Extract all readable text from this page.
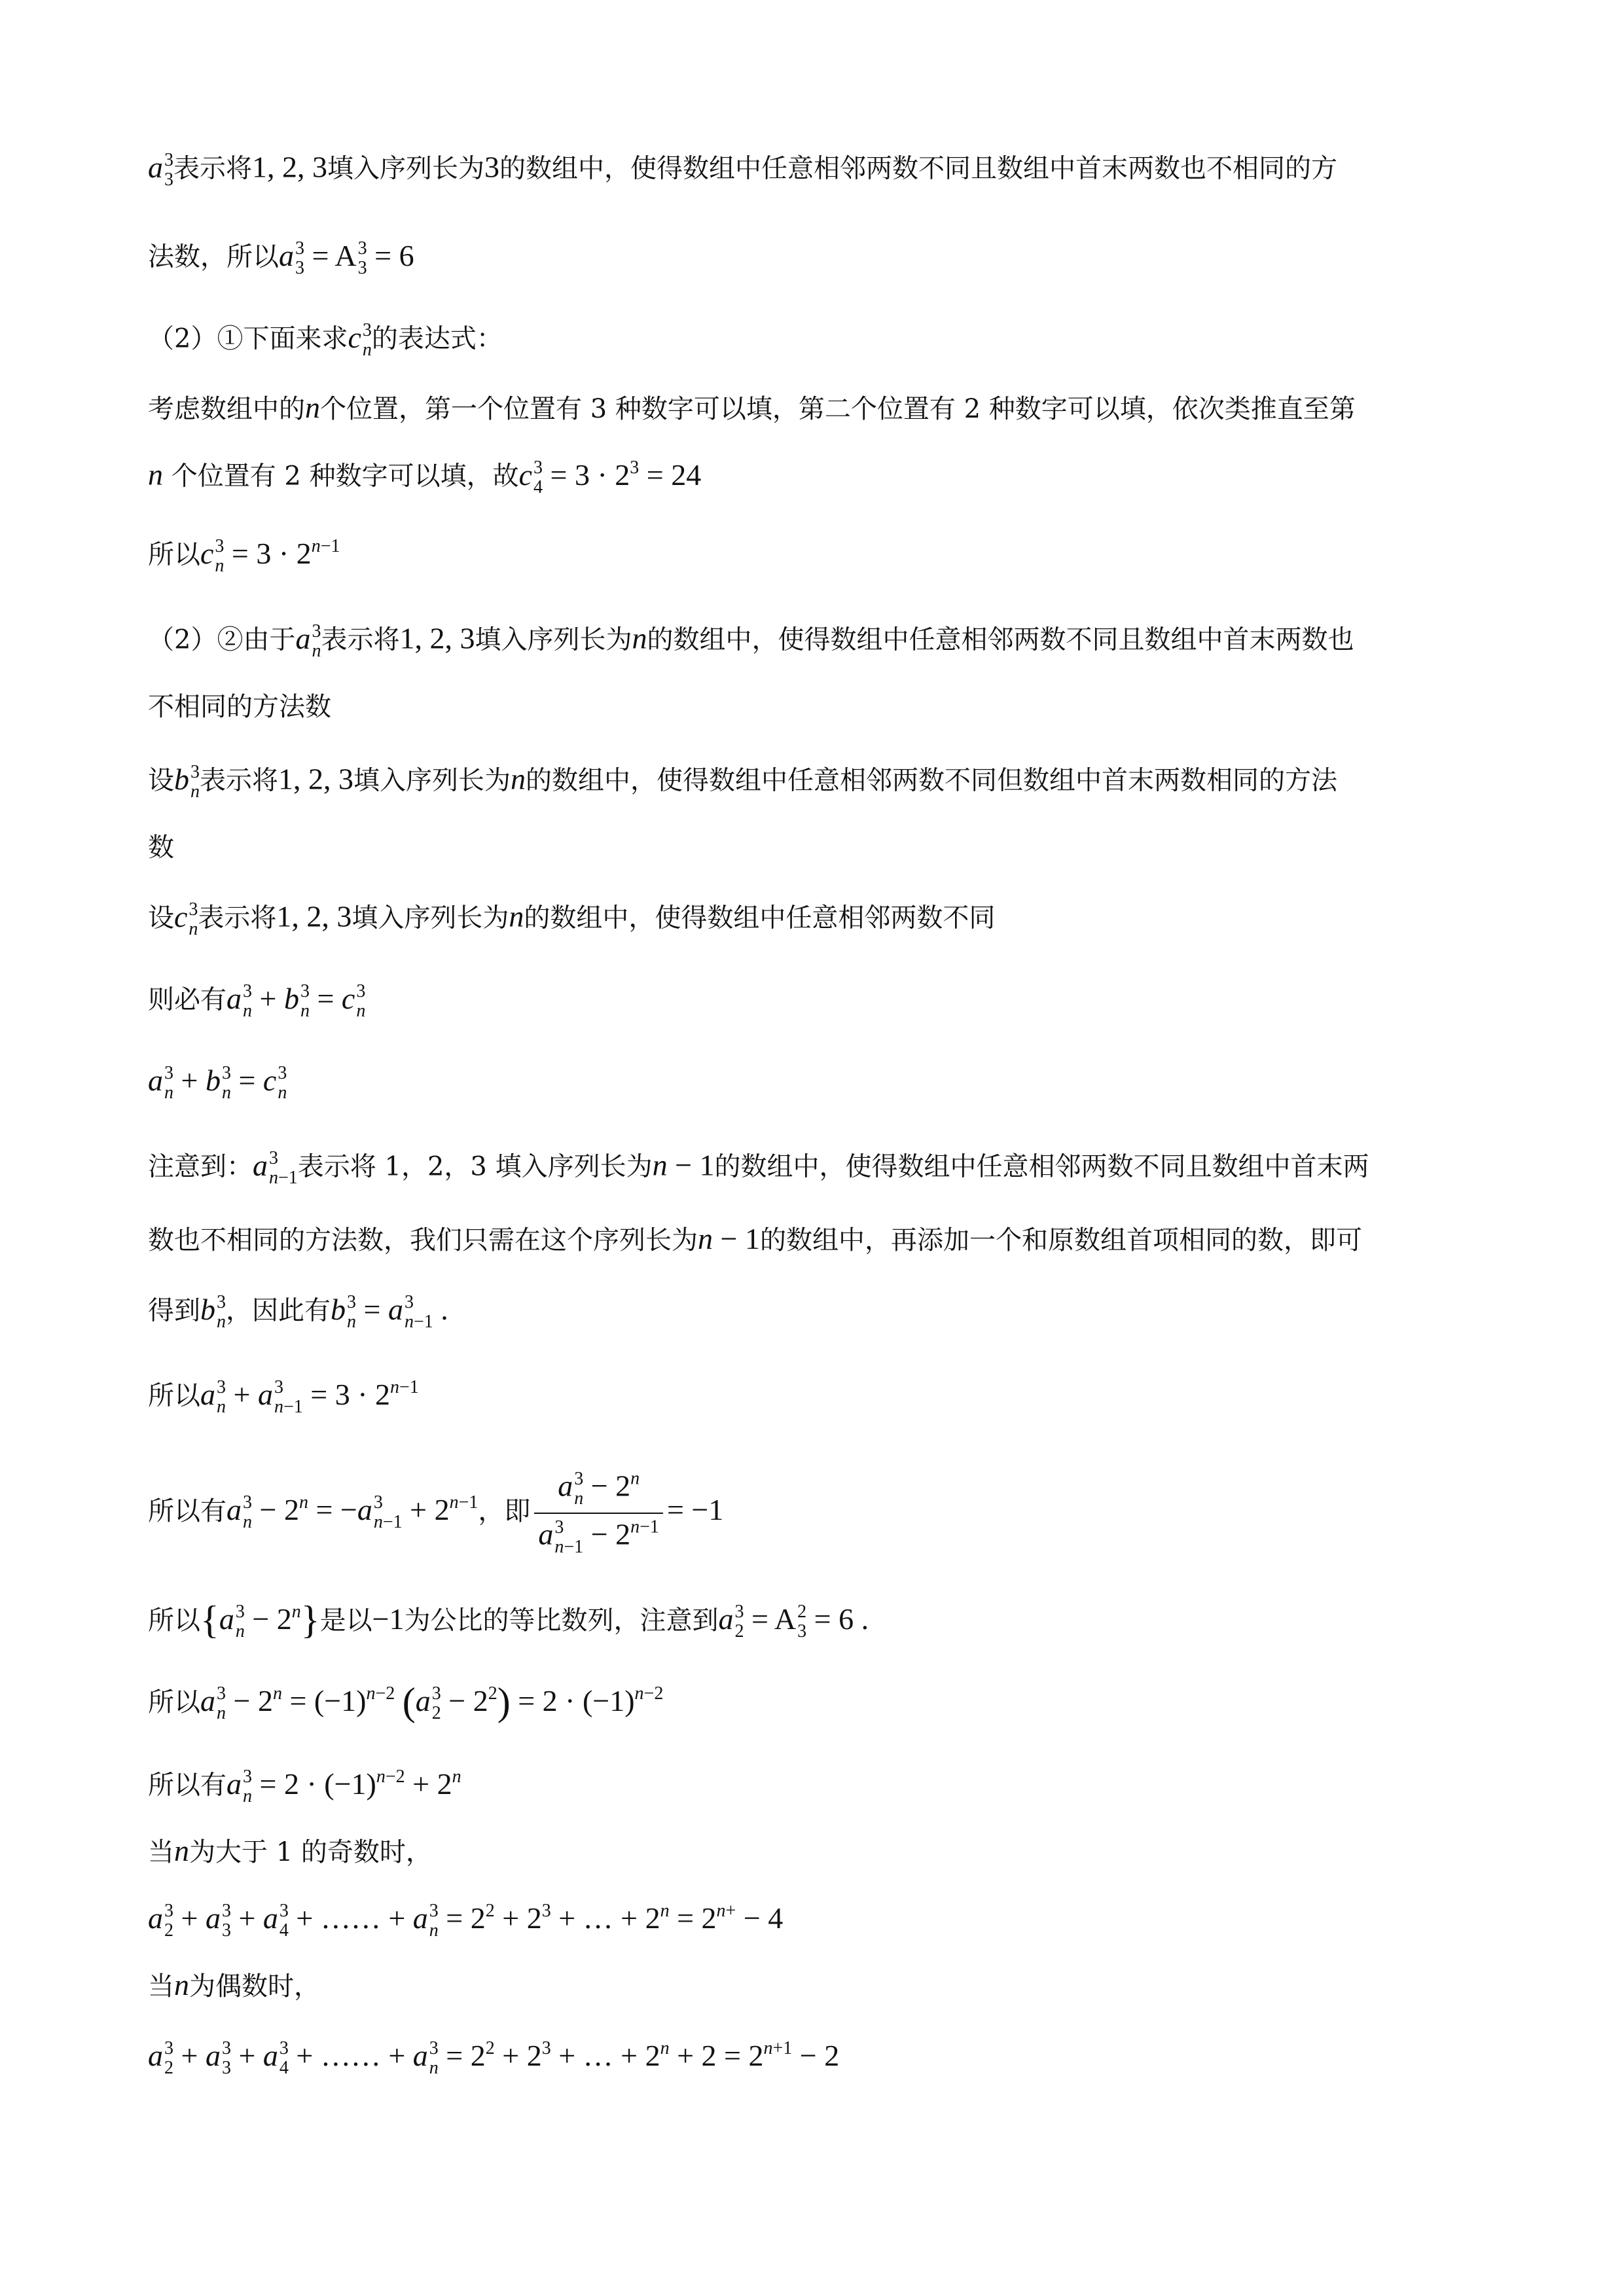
a 3
3 表示将1, 2, 3填入序列长为3的数组中，使得数组中任意相邻两数不同且数组中首末两数也不相同的方
法数，所以a 3
3 = A 3
3 = 6
（2）①下面来求c 3
n 的表达式：
考虑数组中的n个位置，第一个位置有 3 种数字可以填，第二个位置有 2 种数字可以填，依次类推直至第
n 个位置有 2 种数字可以填，故c 3
$4 = 3 \cdot 2^3 = 24$
所以c 3
$n = 3 \cdot 2^{n-1}$
（2）②由于a 3
n 表示将1, 2, 3填入序列长为n的数组中，使得数组中任意相邻两数不同且数组中首末两数也
不相同的方法数
设b 3
n 表示将1, 2, 3填入序列长为n的数组中，使得数组中任意相邻两数不同但数组中首末两数相同的方法
数
设c 3
n 表示将1, 2, 3填入序列长为n的数组中，使得数组中任意相邻两数不同
则必有a 3
n + b 3
n = c 3
n
a 3
n + b 3
n = c 3
n
注意到：a 3
n−1 表示将 1，2，3 填入序列长为n − 1的数组中，使得数组中任意相邻两数不同且数组中首末两
数也不相同的方法数，我们只需在这个序列长为n − 1的数组中，再添加一个和原数组首项相同的数，即可
得到b 3
n ，因此有b 3
n = a 3
n−1 .
所以a 3
n + a 3
$n-1 = 3 \cdot 2^{n-1}$
所以有a 3
$n - 2^n = -a$ 3
$n-1 + 2^{n-1}$，即 a 3
$n - 2^n$
a 3
$n-1 - 2^{n-1} = -1$
所以{a 3
$n - 2^n$}是以−1为公比的等比数列，注意到a 3
2 = A 2
3 = 6 .
所以a 3
$n - 2^n = (-1)^{n-2}$ (a 3
$2 - 2^2) = 2 \cdot (-1)^{n-2}$
所以有a 3
$n = 2 \cdot (-1)^{n-2} + 2^n$
当n为大于 1 的奇数时，
a 3
2 + a 3
3 + a 3
4 + …… + a 3
$n = 2^2 + 2^3$ + … + $2^n = 2^{n+} - 4$
当n为偶数时，
a 3
2 + a 3
3 + a 3
4 + …… + a 3
$n = 2^2 + 2^3$ + … + $2^n + 2 = 2^{n+1} - 2$
